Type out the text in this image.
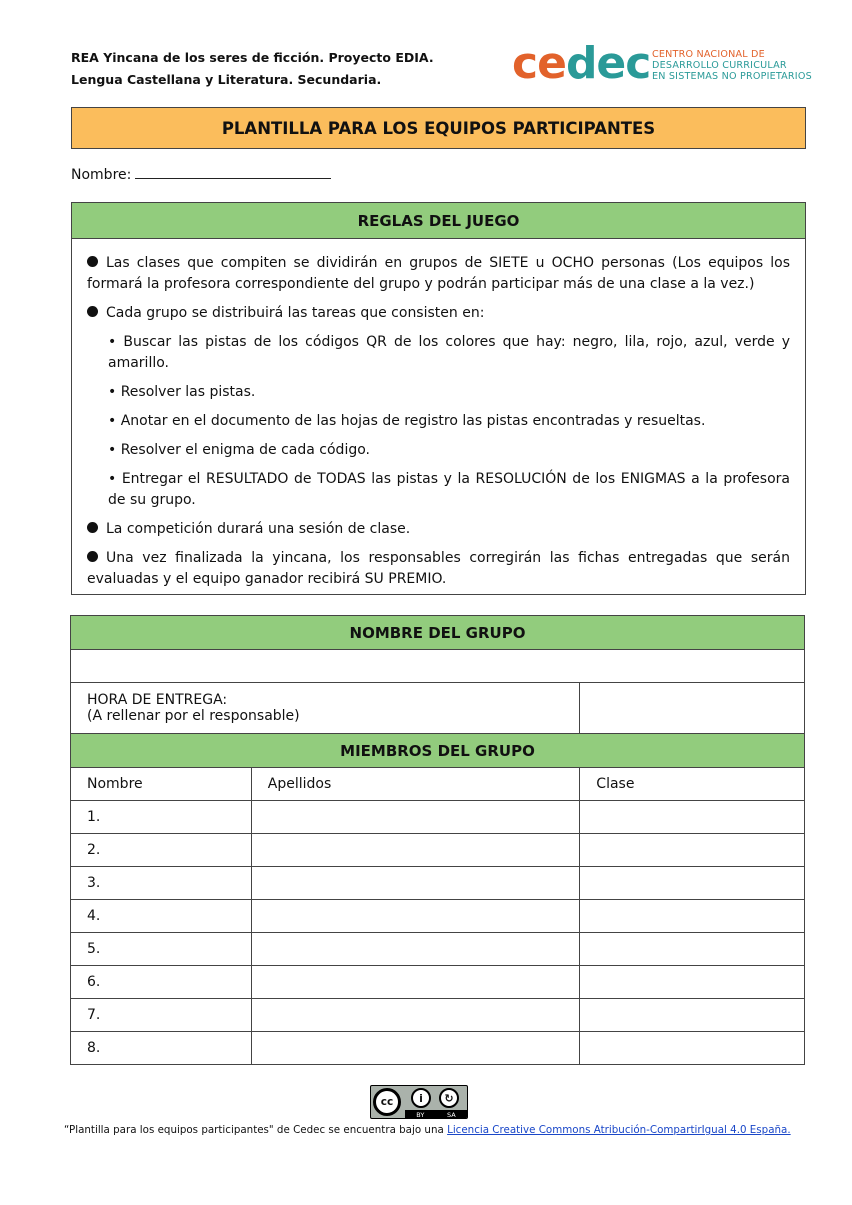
REA Yincana de los seres de ficción. Proyecto EDIA.
Lengua Castellana y Literatura. Secundaria.	cedec CENTRO NACIONAL DE
DESARROLLO CURRICULAR
EN SISTEMAS NO PROPIETARIOS
PLANTILLA PARA LOS EQUIPOS PARTICIPANTES
Nombre:
REGLAS DEL JUEGO
Las clases que compiten se dividirán en grupos de SIETE u OCHO personas (Los equipos los formará la profesora correspondiente del grupo y podrán participar más de una clase a la vez.)
Cada grupo se distribuirá las tareas que consisten en:
• Buscar las pistas de los códigos QR de los colores que hay: negro, lila, rojo, azul, verde y amarillo.
• Resolver las pistas.
• Anotar en el documento de las hojas de registro las pistas encontradas y resueltas.
• Resolver el enigma de cada código.
• Entregar el RESULTADO de TODAS las pistas y la RESOLUCIÓN de los ENIGMAS a la profesora de su grupo.
La competición durará una sesión de clase.
Una vez finalizada la yincana, los responsables corregirán las fichas entregadas que serán evaluadas y el equipo ganador recibirá SU PREMIO.
NOMBRE DEL GRUPO		

HORA DE ENTREGA:
(A rellenar por el responsable)		

MIEMBROS DEL GRUPO		
Nombre	Apellidos	Clase
1.		
2.		
3.		
4.		
5.		
6.		
7.		
8.		
cc	i	↻
BY	SA
“Plantilla para los equipos participantes" de Cedec se encuentra bajo una Licencia Creative Commons Atribución-CompartirIgual 4.0 España.
